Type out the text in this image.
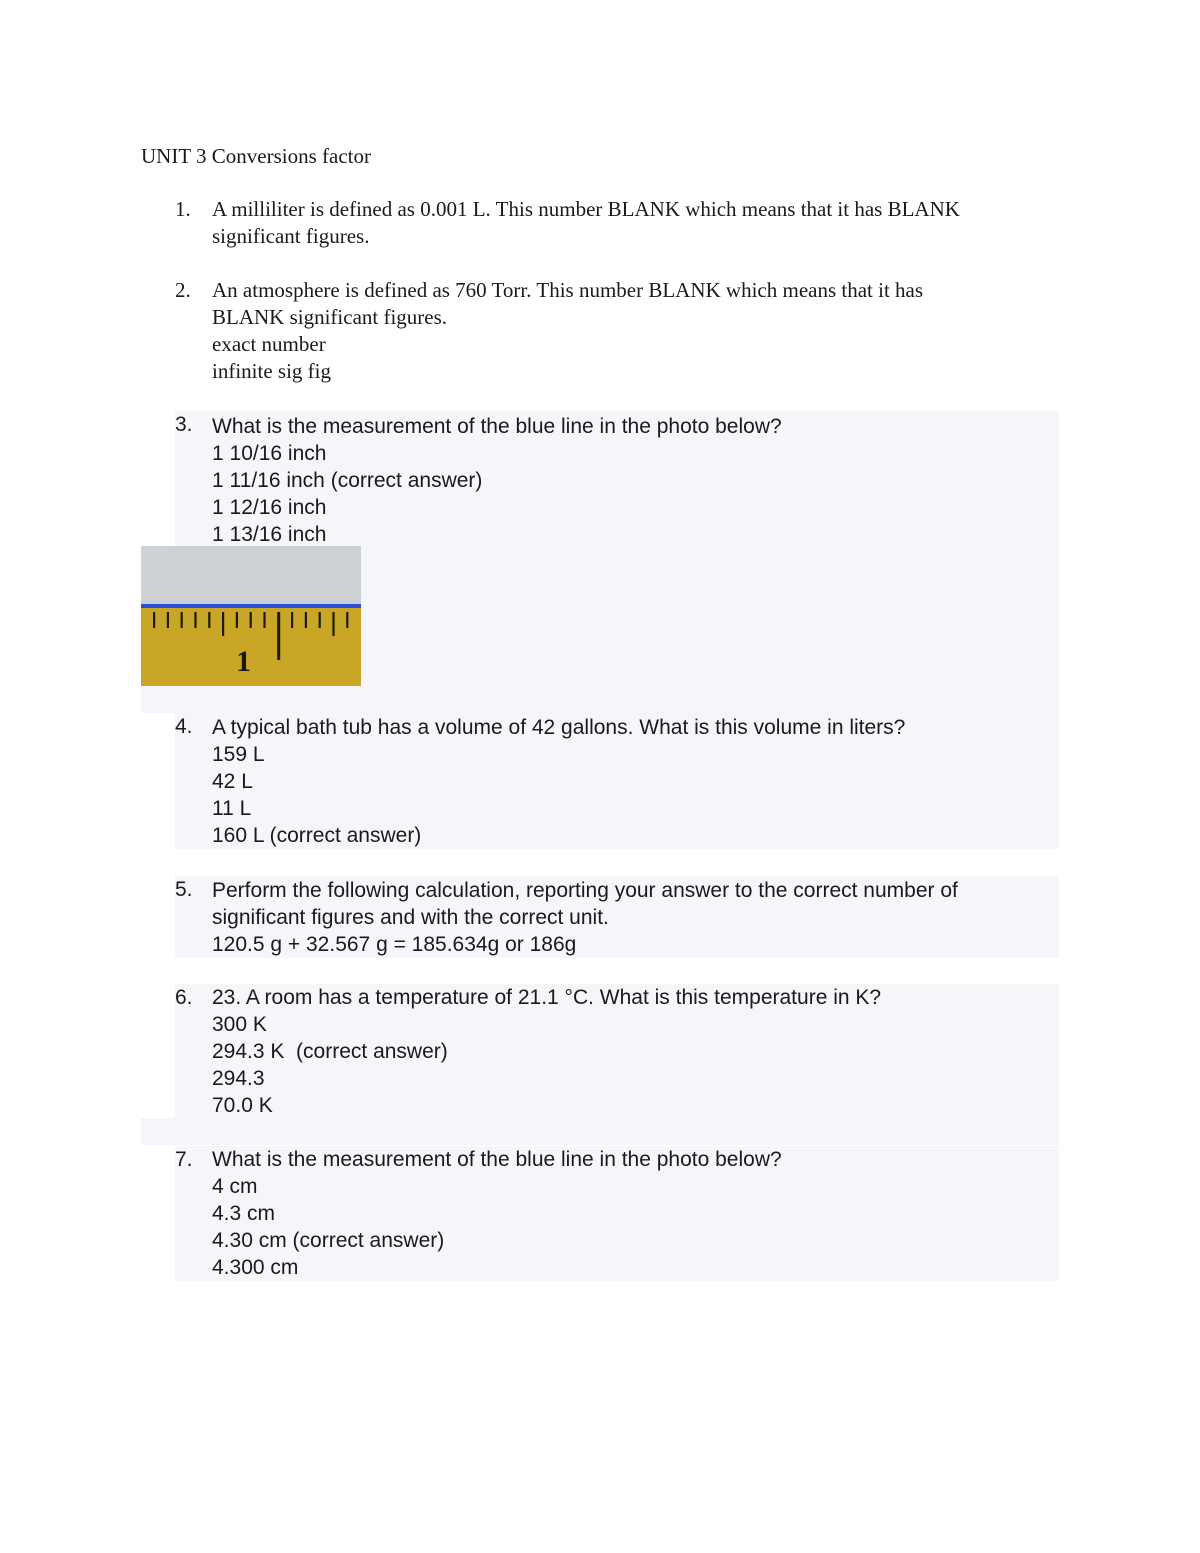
UNIT 3 Conversions factor
1.	A milliliter is defined as 0.001 L. This number BLANK which means that it has BLANK
significant figures.
2.	An atmosphere is defined as 760 Torr. This number BLANK which means that it has
BLANK significant figures.
exact number
infinite sig fig
3. What is the measurement of the blue line in the photo below?
1 10/16 inch
1 11/16 inch (correct answer)
1 12/16 inch
1 13/16 inch
1
4. A typical bath tub has a volume of 42 gallons. What is this volume in liters?
159 L
42 L
11 L
160 L (correct answer)
5. Perform the following calculation, reporting your answer to the correct number of
significant figures and with the correct unit.
120.5 g + 32.567 g = 185.634g or 186g
6. 23. A room has a temperature of 21.1 °C. What is this temperature in K?
300 K
294.3 K  (correct answer)
294.3
70.0 K
7. What is the measurement of the blue line in the photo below?
4 cm
4.3 cm
4.30 cm (correct answer)
4.300 cm
